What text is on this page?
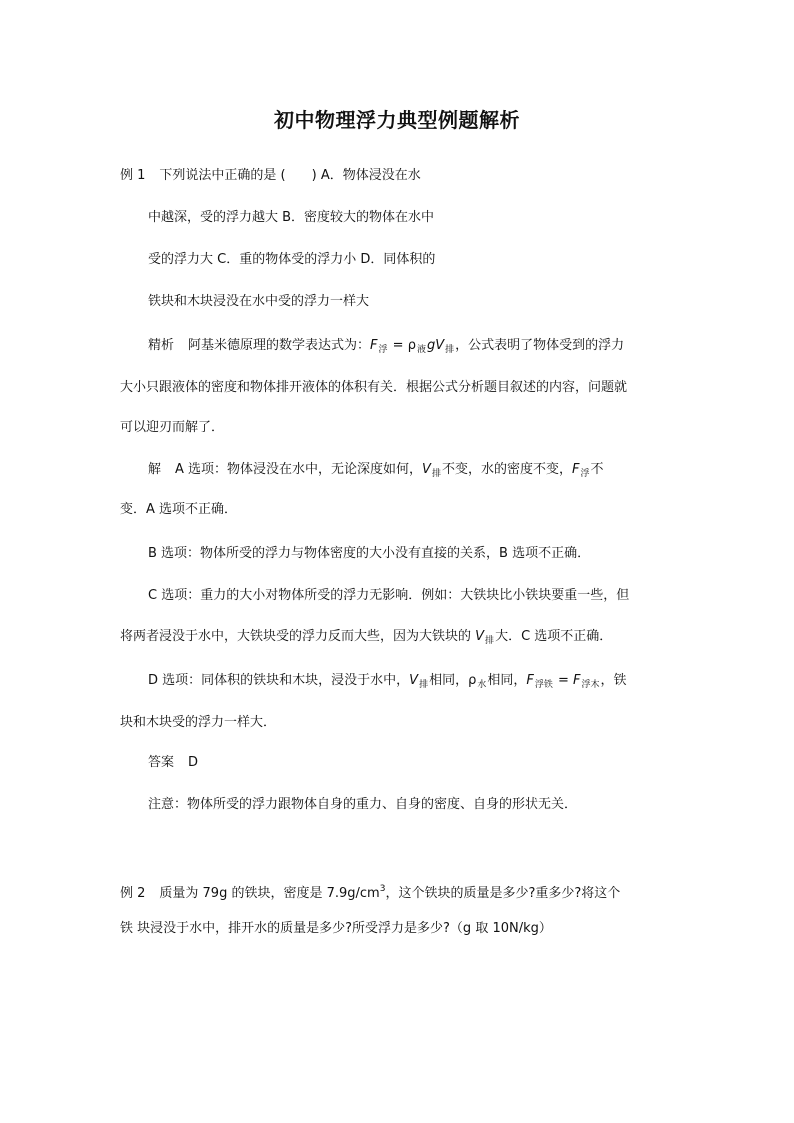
初中物理浮力典型例题解析
例 1 下列说法中正确的是 (　　) A．物体浸没在水
中越深，受的浮力越大 B．密度较大的物体在水中
受的浮力大 C．重的物体受的浮力小 D．同体积的
铁块和木块浸没在水中受的浮力一样大
精析 阿基米德原理的数学表达式为：$F_浮 = \rho_液gV_排$，公式表明了物体受到的浮力
大小只跟液体的密度和物体排开液体的体积有关．根据公式分析题目叙述的内容，问题就
可以迎刃而解了．
解 A 选项：物体浸没在水中，无论深度如何，$V_排$不变，水的密度不变，$F_浮$不
变．A 选项不正确．
B 选项：物体所受的浮力与物体密度的大小没有直接的关系，B 选项不正确．
C 选项：重力的大小对物体所受的浮力无影响．例如：大铁块比小铁块要重一些，但
将两者浸没于水中，大铁块受的浮力反而大些，因为大铁块的 $V_排$大．C 选项不正确．
D 选项：同体积的铁块和木块，浸没于水中，$V_排$相同，$\rho_水$相同，$F_{浮铁} = F_{浮木}$，铁
块和木块受的浮力一样大．
答案 D
注意：物体所受的浮力跟物体自身的重力、自身的密度、自身的形状无关．
例 2 质量为 79g 的铁块，密度是 $7.9g/cm^3$，这个铁块的质量是多少?重多少?将这个
铁 块浸没于水中，排开水的质量是多少?所受浮力是多少?（g 取 10N/kg）
